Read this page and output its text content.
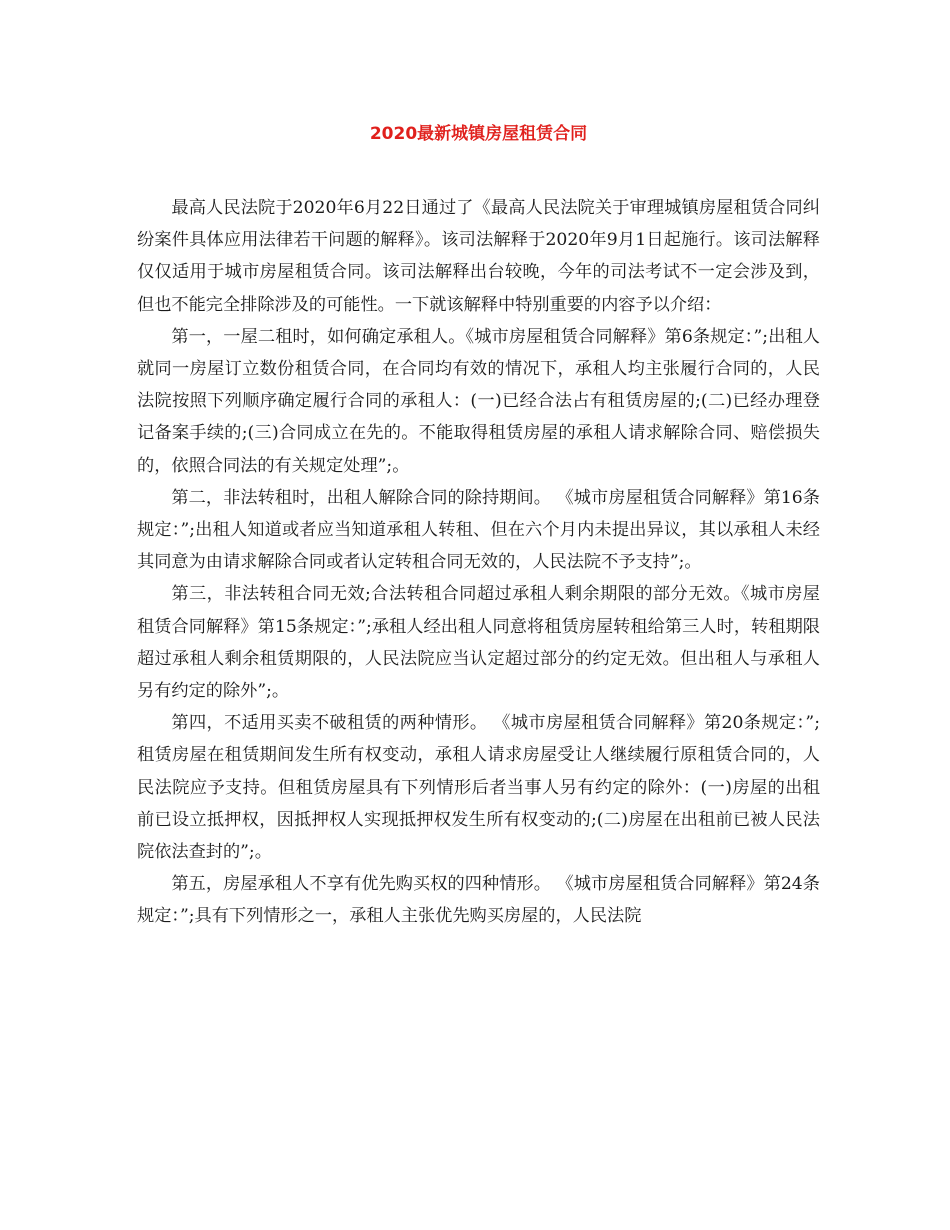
2020最新城镇房屋租赁合同

最高人民法院于2020年6月22日通过了《最高人民法院关于审理城镇房屋租赁合同纠纷案件具体应用法律若干问题的解释》。该司法解释于2020年9月1日起施行。该司法解释仅仅适用于城市房屋租赁合同。该司法解释出台较晚，今年的司法考试不一定会涉及到，但也不能完全排除涉及的可能性。一下就该解释中特别重要的内容予以介绍：

第一，一屋二租时，如何确定承租人。《城市房屋租赁合同解释》第6条规定：”;出租人就同一房屋订立数份租赁合同，在合同均有效的情况下，承租人均主张履行合同的，人民法院按照下列顺序确定履行合同的承租人：(一)已经合法占有租赁房屋的;(二)已经办理登记备案手续的;(三)合同成立在先的。不能取得租赁房屋的承租人请求解除合同、赔偿损失的，依照合同法的有关规定处理”;。

第二，非法转租时，出租人解除合同的除持期间。 《城市房屋租赁合同解释》第16条规定：”;出租人知道或者应当知道承租人转租、但在六个月内未提出异议，其以承租人未经其同意为由请求解除合同或者认定转租合同无效的，人民法院不予支持”;。

第三，非法转租合同无效;合法转租合同超过承租人剩余期限的部分无效。《城市房屋租赁合同解释》第15条规定：”;承租人经出租人同意将租赁房屋转租给第三人时，转租期限超过承租人剩余租赁期限的，人民法院应当认定超过部分的约定无效。但出租人与承租人另有约定的除外”;。

第四，不适用买卖不破租赁的两种情形。 《城市房屋租赁合同解释》第20条规定：”;租赁房屋在租赁期间发生所有权变动，承租人请求房屋受让人继续履行原租赁合同的，人民法院应予支持。但租赁房屋具有下列情形后者当事人另有约定的除外：(一)房屋的出租前已设立抵押权，因抵押权人实现抵押权发生所有权变动的;(二)房屋在出租前已被人民法院依法查封的”;。

第五，房屋承租人不享有优先购买权的四种情形。 《城市房屋租赁合同解释》第24条规定：”;具有下列情形之一，承租人主张优先购买房屋的，人民法院
